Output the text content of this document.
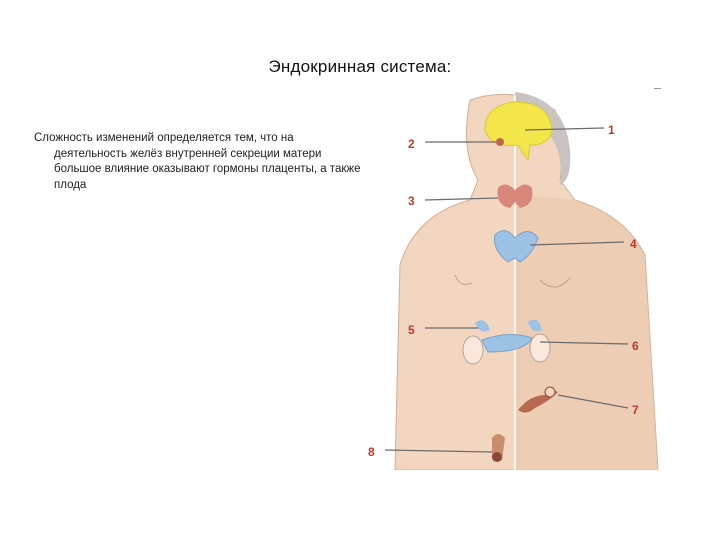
Эндокринная система:

Сложность изменений определяется тем, что на деятельность желёз внутренней секреции матери большое влияние оказывают гормоны плаценты, а также плода

1
2
3
4
5
6
7
8
